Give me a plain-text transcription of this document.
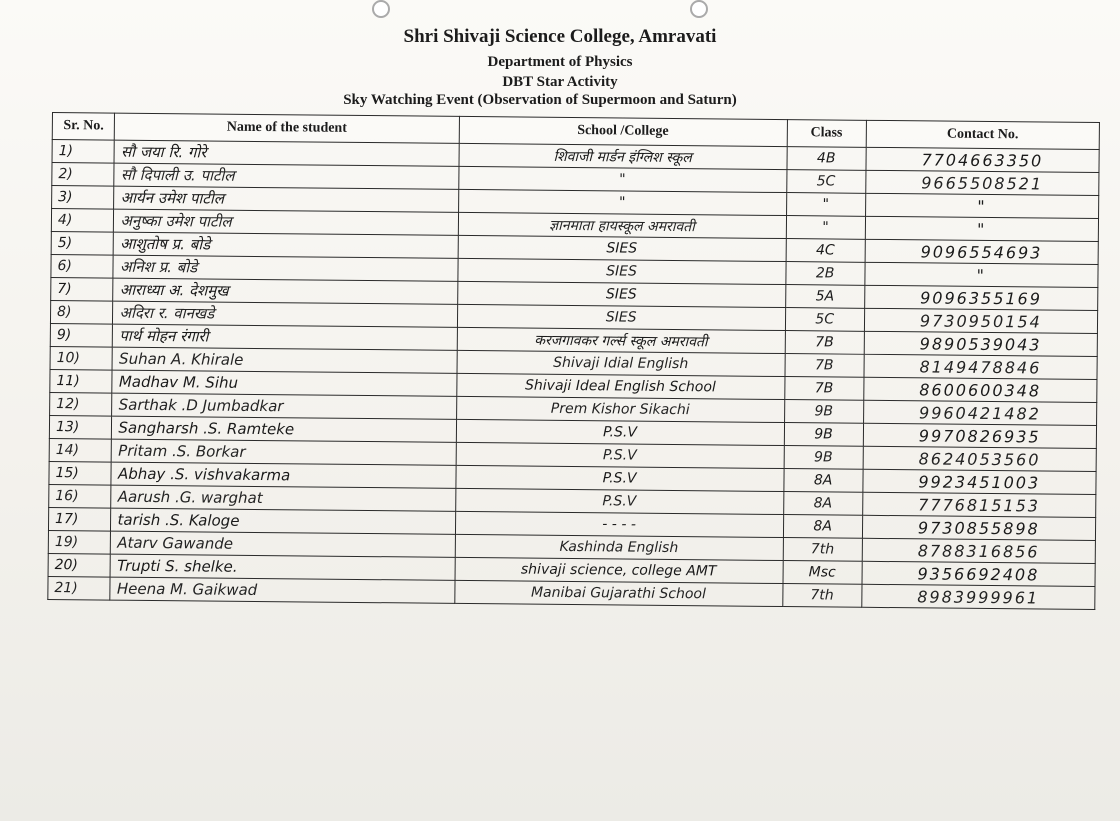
Shri Shivaji Science College, Amravati
Department of Physics
DBT Star Activity
Sky Watching Event (Observation of Supermoon and Saturn)
Sr. No.	Name of the student	School /College	Class	Contact No.
1)	सौ जया रि. गोरे	शिवाजी मार्डन इंग्लिश स्कूल	4B	7704663350
2)	सौ दिपाली उ. पाटील	"	5C	9665508521
3)	आर्यन उमेश पाटील	"	"	"
4)	अनुष्का उमेश पाटील	ज्ञानमाता हायस्कूल अमरावती	"	"
5)	आशुतोष प्र. बोडे	SIES	4C	9096554693
6)	अनिश प्र. बोडे	SIES	2B	"
7)	आराध्या अ. देशमुख	SIES	5A	9096355169
8)	अदिरा र. वानखडे	SIES	5C	9730950154
9)	पार्थ मोहन रंगारी	करजगावकर गर्ल्स स्कूल अमरावती	7B	9890539043
10)	Suhan A. Khirale	Shivaji Idial English	7B	8149478846
11)	Madhav M. Sihu	Shivaji Ideal English School	7B	8600600348
12)	Sarthak .D Jumbadkar	Prem Kishor Sikachi	9B	9960421482
13)	Sangharsh .S. Ramteke	P.S.V	9B	9970826935
14)	Pritam .S. Borkar	P.S.V	9B	8624053560
15)	Abhay .S. vishvakarma	P.S.V	8A	9923451003
16)	Aarush .G. warghat	P.S.V	8A	7776815153
17)	tarish .S. Kaloge	- - - -	8A	9730855898
19)	Atarv Gawande	Kashinda English	7th	8788316856
20)	Trupti S. shelke.	shivaji science, college AMT	Msc	9356692408
21)	Heena M. Gaikwad	Manibai Gujarathi School	7th	8983999961
